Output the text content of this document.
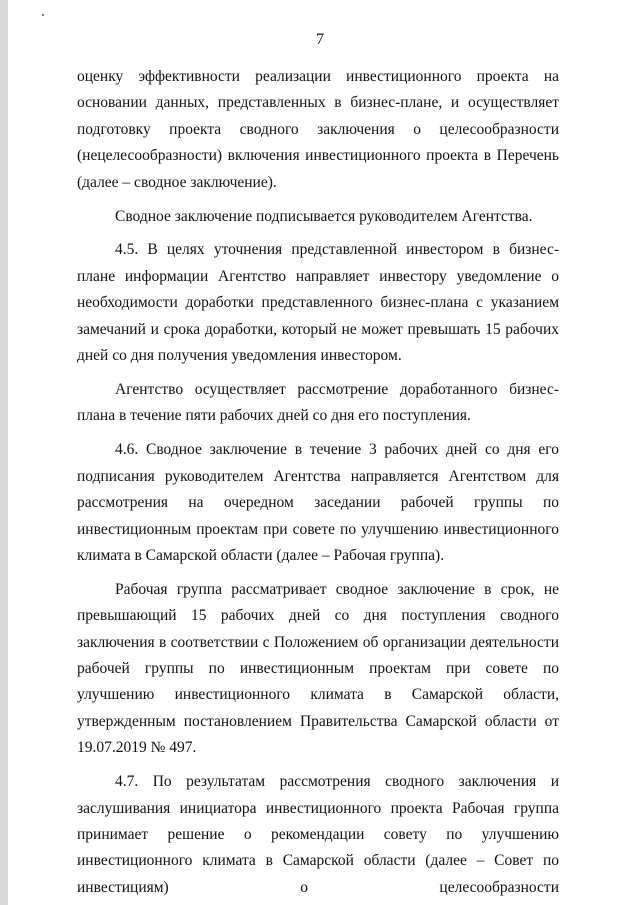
7

оценку эффективности реализации инвестиционного проекта на основании данных, представленных в бизнес-плане, и осуществляет подготовку проекта сводного заключения о целесообразности (нецелесообразности) включения инвестиционного проекта в Перечень (далее – сводное заключение).

Сводное заключение подписывается руководителем Агентства.

4.5. В целях уточнения представленной инвестором в бизнес-плане информации Агентство направляет инвестору уведомление о необходимости доработки представленного бизнес-плана с указанием замечаний и срока доработки, который не может превышать 15 рабочих дней со дня получения уведомления инвестором.

Агентство осуществляет рассмотрение доработанного бизнес-плана в течение пяти рабочих дней со дня его поступления.

4.6. Сводное заключение в течение 3 рабочих дней со дня его подписания руководителем Агентства направляется Агентством для рассмотрения на очередном заседании рабочей группы по инвестиционным проектам при совете по улучшению инвестиционного климата в Самарской области (далее – Рабочая группа).

Рабочая группа рассматривает сводное заключение в срок, не превышающий 15 рабочих дней со дня поступления сводного заключения в соответствии с Положением об организации деятельности рабочей группы по инвестиционным проектам при совете по улучшению инвестиционного климата в Самарской области, утвержденным постановлением Правительства Самарской области от 19.07.2019 № 497.

4.7. По результатам рассмотрения сводного заключения и заслушивания инициатора инвестиционного проекта Рабочая группа принимает решение о рекомендации совету по улучшению инвестиционного климата в Самарской области (далее – Совет по инвестициям) о целесообразности
